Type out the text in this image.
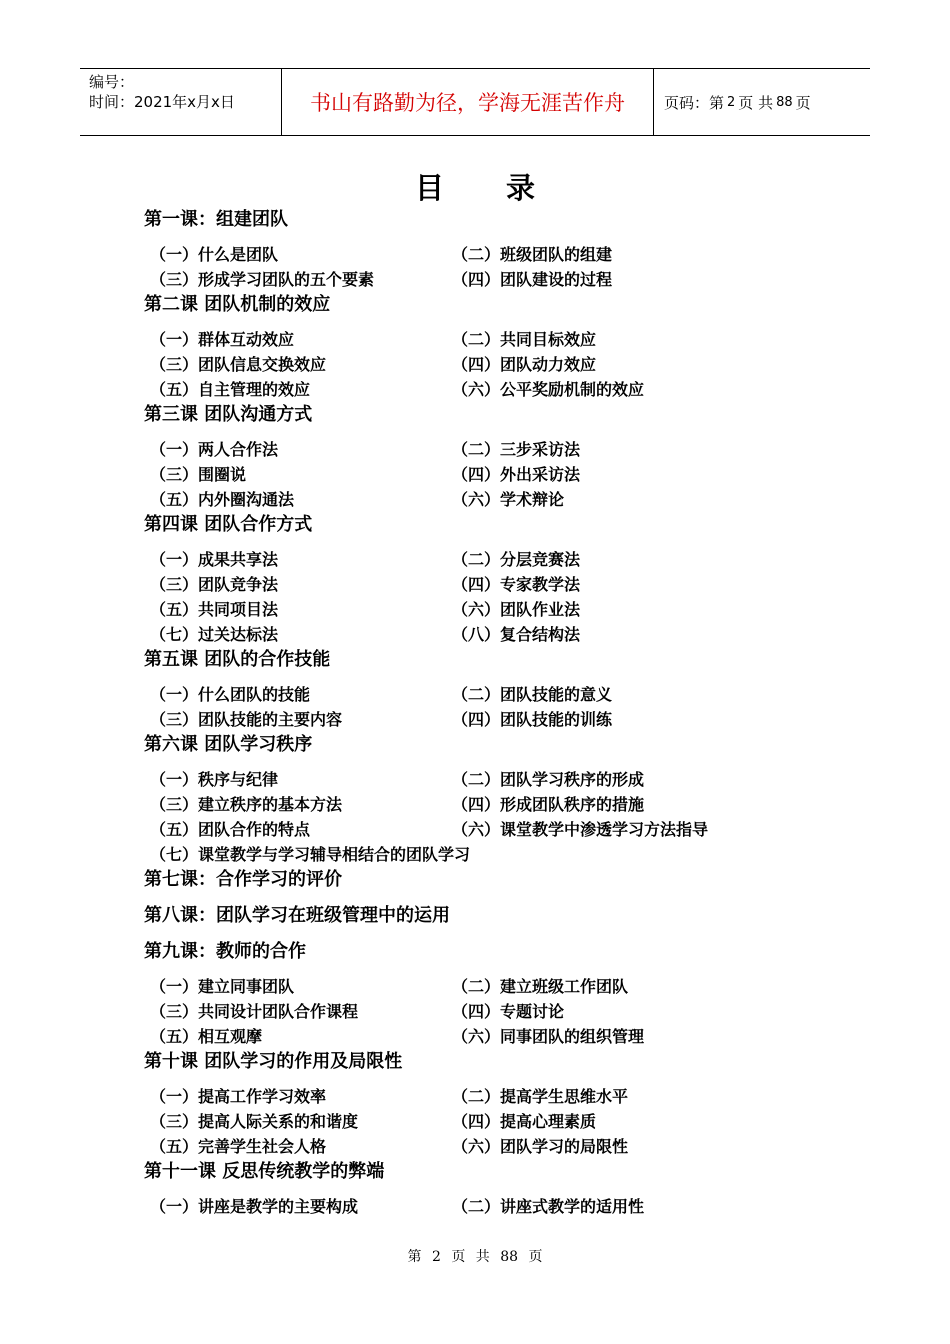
编号：
时间：2021年x月x日	书山有路勤为径，学海无涯苦作舟	页码：第 2 页 共 88 页
目录
第一课：组建团队
（一）什么是团队	（二）班级团队的组建
（三）形成学习团队的五个要素	（四）团队建设的过程
第二课 团队机制的效应
（一）群体互动效应	（二）共同目标效应
（三）团队信息交换效应	（四）团队动力效应
（五）自主管理的效应	（六）公平奖励机制的效应
第三课 团队沟通方式
（一）两人合作法	（二）三步采访法
（三）围圈说	（四）外出采访法
（五）内外圈沟通法	（六）学术辩论
第四课 团队合作方式
（一）成果共享法	（二）分层竞赛法
（三）团队竞争法	（四）专家教学法
（五）共同项目法	（六）团队作业法
（七）过关达标法	（八）复合结构法
第五课 团队的合作技能
（一）什么团队的技能	（二）团队技能的意义
（三）团队技能的主要内容	（四）团队技能的训练
第六课 团队学习秩序
（一）秩序与纪律	（二）团队学习秩序的形成
（三）建立秩序的基本方法	（四）形成团队秩序的措施
（五）团队合作的特点	（六）课堂教学中渗透学习方法指导
（七）课堂教学与学习辅导相结合的团队学习
第七课：合作学习的评价
第八课：团队学习在班级管理中的运用
第九课：教师的合作
（一）建立同事团队	（二）建立班级工作团队
（三）共同设计团队合作课程	（四）专题讨论
（五）相互观摩	（六）同事团队的组织管理
第十课 团队学习的作用及局限性
（一）提高工作学习效率	（二）提高学生思维水平
（三）提高人际关系的和谐度	（四）提高心理素质
（五）完善学生社会人格	（六）团队学习的局限性
第十一课 反思传统教学的弊端
（一）讲座是教学的主要构成	（二）讲座式教学的适用性
第 2 页 共 88 页
